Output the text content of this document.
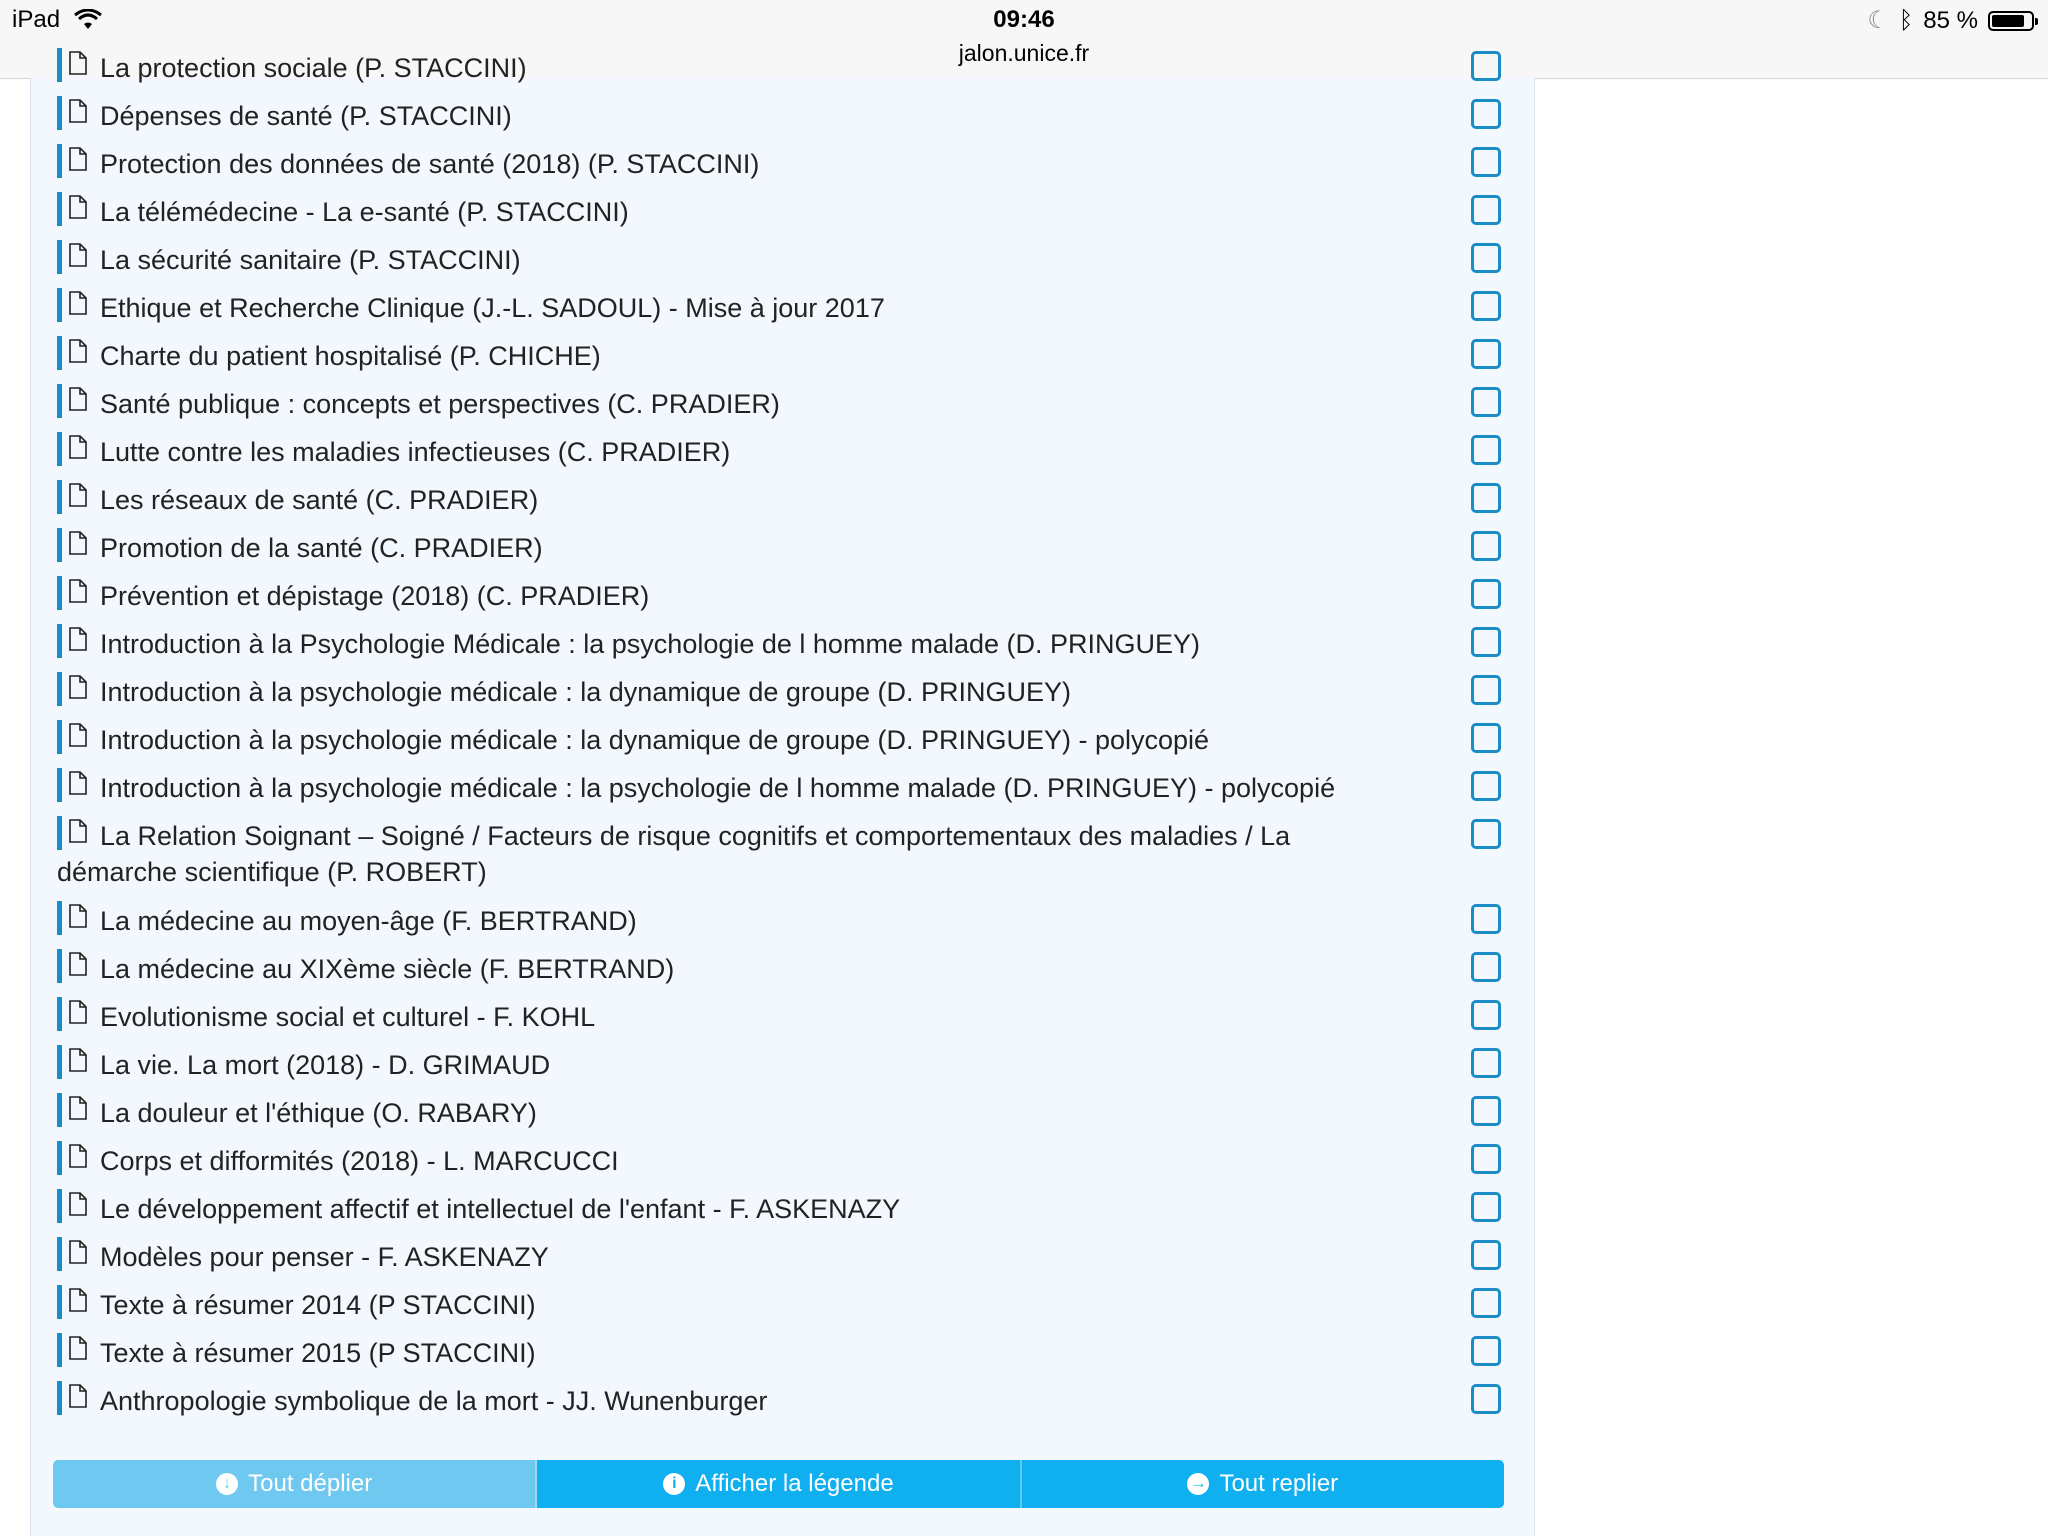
iPad	09:46
jalon.unice.fr
☾ ᛒ 85 %
La protection sociale (P. STACCINI)
Dépenses de santé (P. STACCINI)
Protection des données de santé (2018) (P. STACCINI)
La télémédecine - La e-santé (P. STACCINI)
La sécurité sanitaire (P. STACCINI)
Ethique et Recherche Clinique (J.-L. SADOUL) - Mise à jour 2017
Charte du patient hospitalisé (P. CHICHE)
Santé publique : concepts et perspectives (C. PRADIER)
Lutte contre les maladies infectieuses (C. PRADIER)
Les réseaux de santé (C. PRADIER)
Promotion de la santé (C. PRADIER)
Prévention et dépistage (2018) (C. PRADIER)
Introduction à la Psychologie Médicale : la psychologie de l homme malade (D. PRINGUEY)
Introduction à la psychologie médicale : la dynamique de groupe (D. PRINGUEY)
Introduction à la psychologie médicale : la dynamique de groupe (D. PRINGUEY) - polycopié
Introduction à la psychologie médicale : la psychologie de l homme malade (D. PRINGUEY) - polycopié
La Relation Soignant – Soigné / Facteurs de risque cognitifs et comportementaux des maladies / La démarche scientifique (P. ROBERT)
La médecine au moyen-âge (F. BERTRAND)
La médecine au XIXème siècle (F. BERTRAND)
Evolutionisme social et culturel - F. KOHL
La vie. La mort (2018) - D. GRIMAUD
La douleur et l'éthique (O. RABARY)
Corps et difformités (2018) - L. MARCUCCI
Le développement affectif et intellectuel de l'enfant - F. ASKENAZY
Modèles pour penser - F. ASKENAZY
Texte à résumer 2014 (P STACCINI)
Texte à résumer 2015 (P STACCINI)
Anthropologie symbolique de la mort - JJ. Wunenburger
↓ Tout déplier	i Afficher la légende	→ Tout replier
